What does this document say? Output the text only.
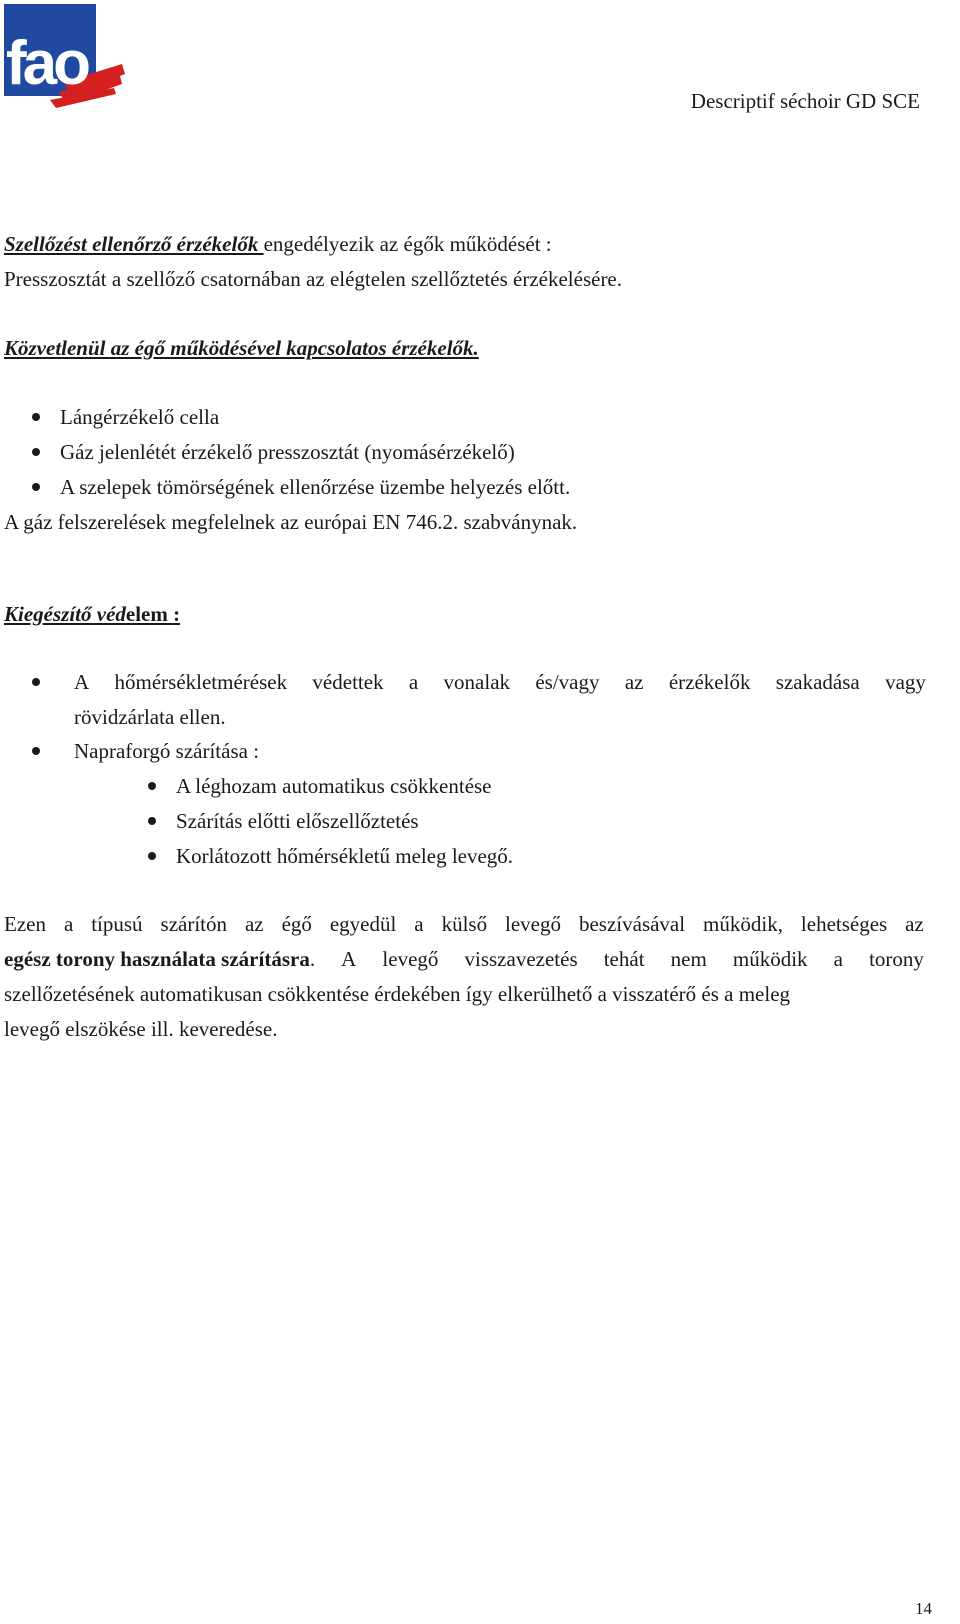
fao
Descriptif séchoir GD SCE
Szellőzést ellenőrző érzékelők engedélyezik az égők működését :
Presszosztát a szellőző csatornában az elégtelen szellőztetés érzékelésére.
Közvetlenül az égő működésével kapcsolatos érzékelők.
Lángérzékelő cella
Gáz jelenlétét érzékelő presszosztát (nyomásérzékelő)
A szelepek tömörségének ellenőrzése üzembe helyezés előtt.
A gáz felszerelések megfelelnek az európai EN 746.2. szabványnak.
Kiegészítő védelem :
A hőmérsékletmérések védettek a vonalak és/vagy az érzékelők szakadása vagy
rövidzárlata ellen.
Napraforgó szárítása :
A léghozam automatikus csökkentése
Szárítás előtti előszellőztetés
Korlátozott hőmérsékletű meleg levegő.
Ezen a típusú szárítón az égő egyedül a külső levegő beszívásával működik, lehetséges az
egész torony használata szárításra . A levegő visszavezetés tehát nem működik a torony
szellőzetésének automatikusan csökkentése érdekében így elkerülhető a visszatérő és a meleg
levegő elszökése ill. keveredése.
14
